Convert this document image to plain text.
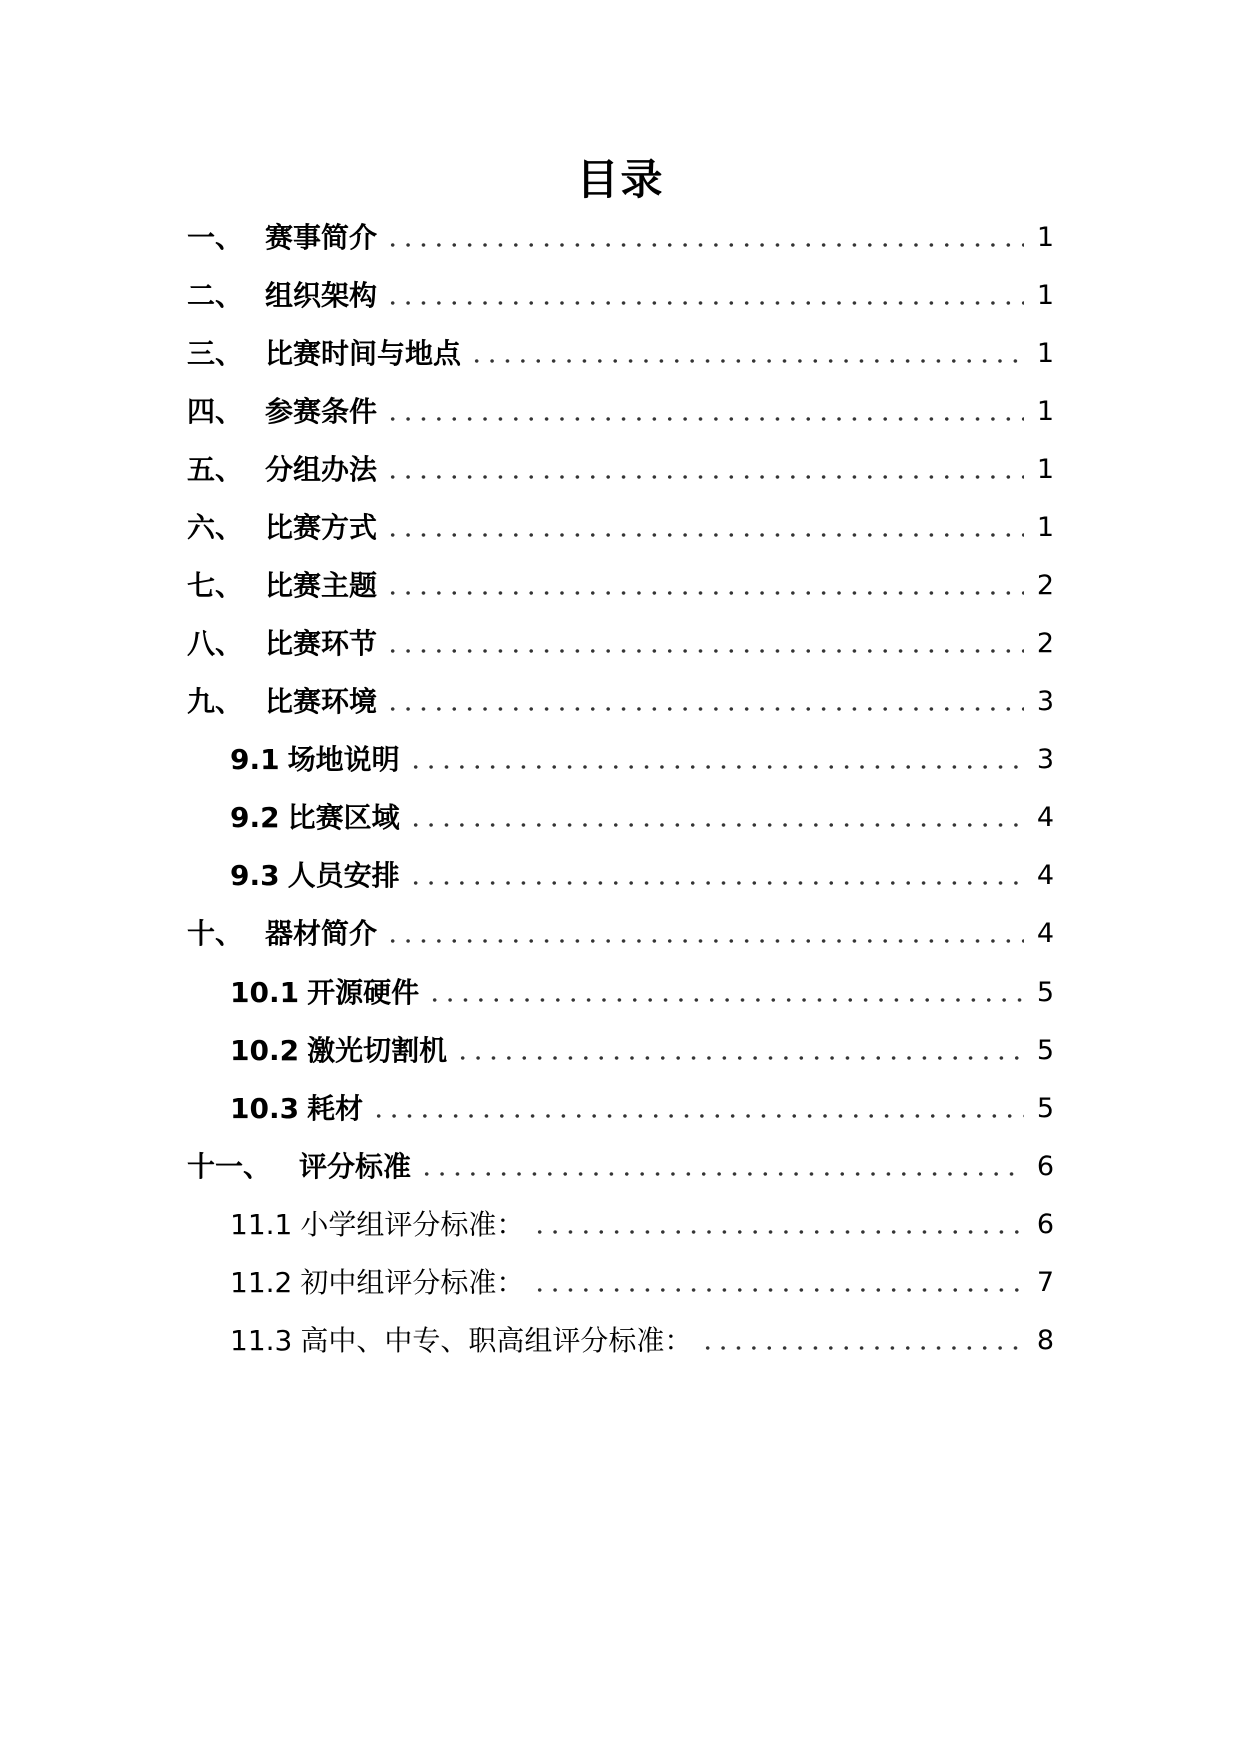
目录
一、 赛事简介	1
二、 组织架构	1
三、 比赛时间与地点	1
四、 参赛条件	1
五、 分组办法	1
六、 比赛方式	1
七、 比赛主题	2
八、 比赛环节	2
九、 比赛环境	3
9.1 场地说明	3
9.2 比赛区域	4
9.3 人员安排	4
十、 器材简介	4
10.1 开源硬件	5
10.2 激光切割机	5
10.3 耗材	5
十一、 评分标准	6
11.1 小学组评分标准：	6
11.2 初中组评分标准：	7
11.3 高中、中专、职高组评分标准：	8
